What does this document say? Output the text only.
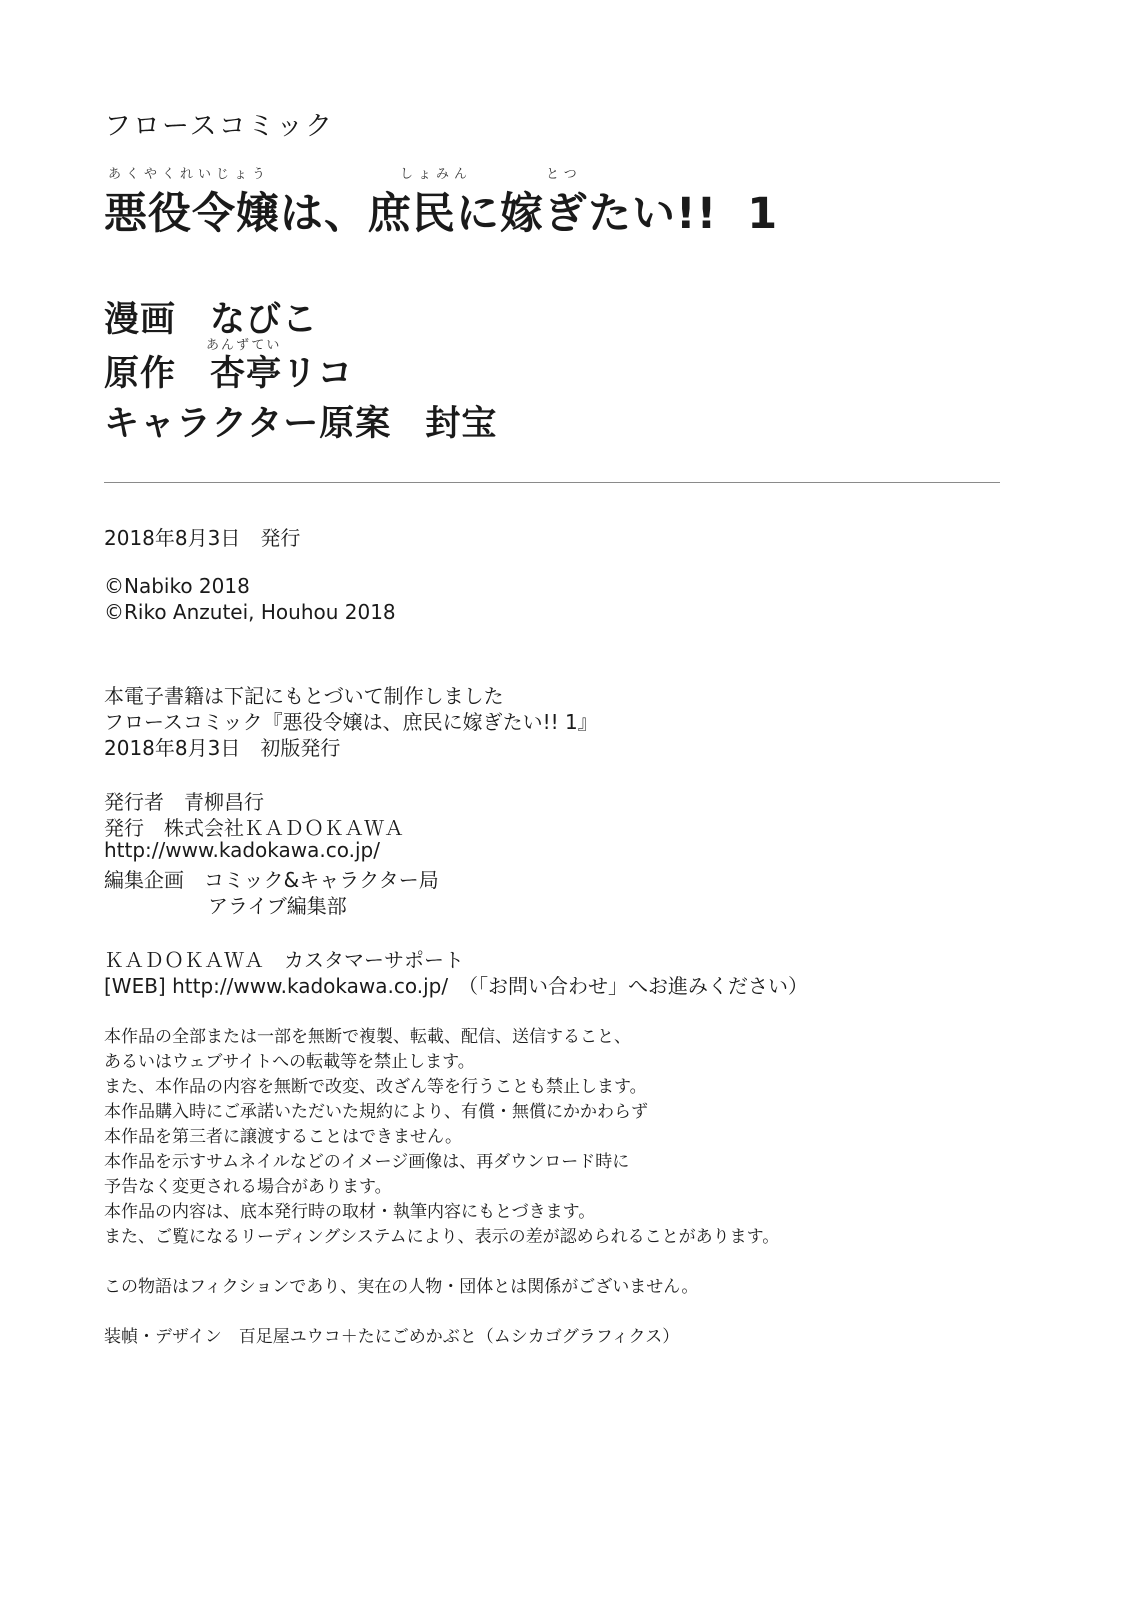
フロースコミック
あくやくれいじょう	しょみん	とつ
悪役令嬢は、庶民に嫁ぎたい!! 1
漫画 なびこ
あんずてい
原作 杏亭リコ
キャラクター原案 封宝
2018年8月3日　発行
©Nabiko 2018
©Riko Anzutei, Houhou 2018
本電子書籍は下記にもとづいて制作しました
フロースコミック『悪役令嬢は、庶民に嫁ぎたい!! 1』
2018年8月3日　初版発行
発行者　青柳昌行
発行　株式会社ＫＡＤＯＫＡＷＡ
http://www.kadokawa.co.jp/
編集企画　コミック&キャラクター局
アライブ編集部
ＫＡＤＯＫＡＷＡ　カスタマーサポート
[WEB] http://www.kadokawa.co.jp/　（「お問い合わせ」へお進みください）
本作品の全部または一部を無断で複製、転載、配信、送信すること、
あるいはウェブサイトへの転載等を禁止します。
また、本作品の内容を無断で改変、改ざん等を行うことも禁止します。
本作品購入時にご承諾いただいた規約により、有償・無償にかかわらず
本作品を第三者に譲渡することはできません。
本作品を示すサムネイルなどのイメージ画像は、再ダウンロード時に
予告なく変更される場合があります。
本作品の内容は、底本発行時の取材・執筆内容にもとづきます。
また、ご覧になるリーディングシステムにより、表示の差が認められることがあります。
この物語はフィクションであり、実在の人物・団体とは関係がございません。
装幀・デザイン　百足屋ユウコ＋たにごめかぶと（ムシカゴグラフィクス）
